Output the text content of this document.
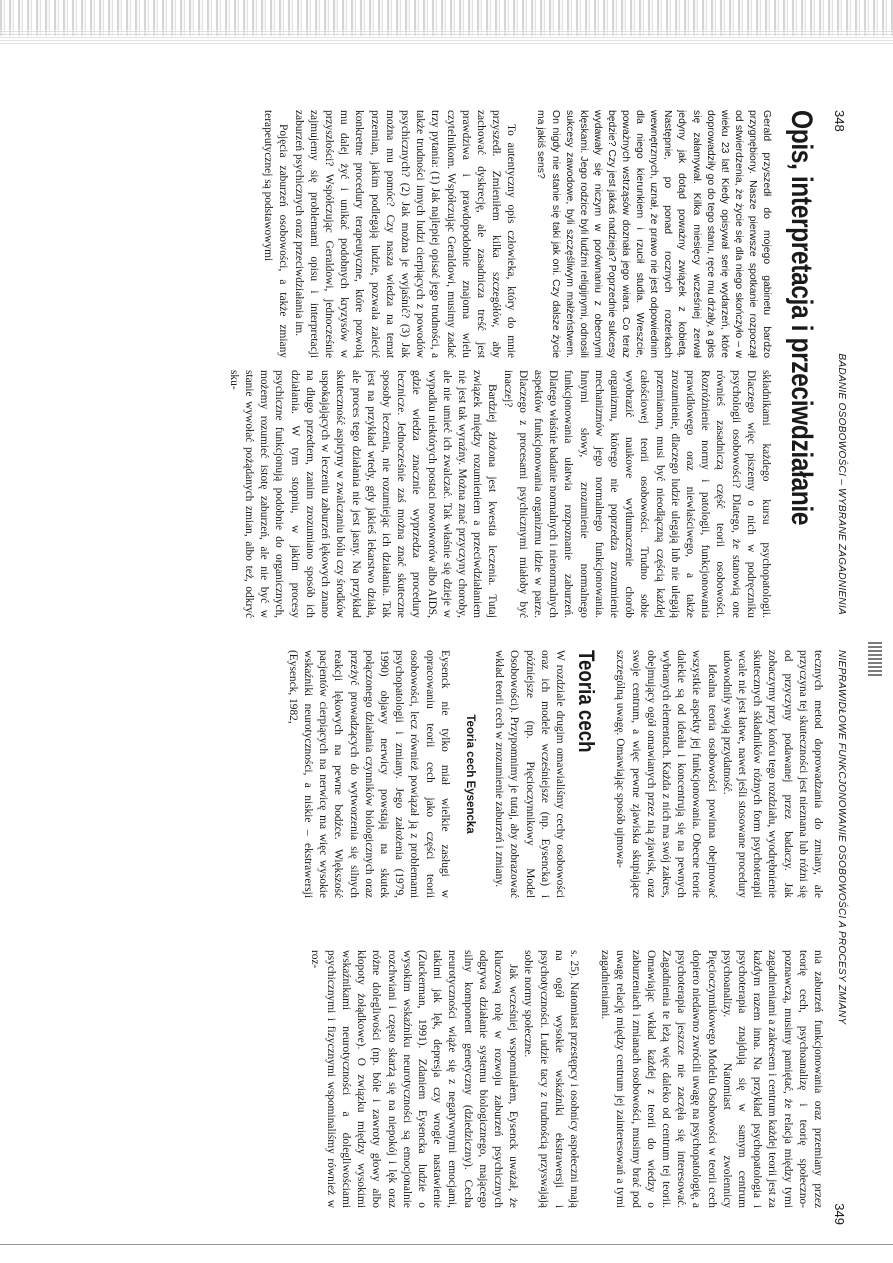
348
BADANIE OSOBOWOŚCI – WYBRANE ZAGADNIENIA
Opis, interpretacja i przeciwdziałanie

Gerald przyszedł do mojego gabinetu bardzo przygnębiony. Nasze pierwsze spotkanie rozpoczął od stwierdzenia, że życie się dla niego skończyło – w wieku 23 lat! Kiedy opisywał serię wydarzeń, które doprowadziły go do tego stanu, ręce mu drżały, a głos się załamywał. Kilka miesięcy wcześniej zerwał jedyny jak dotąd poważny związek z kobietą. Następnie, po ponad rocznych rozterkach wewnętrznych, uznał, że prawo nie jest odpowiednim dla niego kierunkiem i rzucił studia. Wreszcie, poważnych wstrząsów doznała jego wiara. Co teraz będzie? Czy jest jakaś nadzieja? Poprzednie sukcesy wydawały się niczym w porównaniu z obecnymi klęskami. Jego rodzice byli ludźmi religijnymi, odnosili sukcesy zawodowe, byli szczęśliwym małżeństwem. On nigdy nie stanie się taki jak oni. Czy dalsze życie ma jakiś sens?

To autentyczny opis człowieka, który do mnie przyszedł. Zmieniłem kilka szczegółów, aby zachować dyskrecję, ale zasadnicza treść jest prawdziwa i prawdopodobnie znajoma wielu czytelnikom. Współczując Geraldowi, musimy zadać trzy pytania: (1) Jak najlepiej opisać jego trudności, a także trudności innych ludzi cierpiących z powodów psychicznych? (2) Jak można je wyjaśnić? (3) Jak można mu pomóc? Czy nasza wiedza na temat przemian, jakim podlegają ludzie, pozwala zalecić konkretne procedury terapeutyczne, które pozwolą mu dalej żyć i unikać podobnych kryzysów w przyszłości? Współczując Geraldowi, jednocześnie zajmujemy się problemami opisu i interpretacji zaburzeń psychicznych oraz przeciwdziałania im.

Pojęcia zaburzeń osobowości, a także zmiany terapeutycznej są podstawowymi

składnikami każdego kursu psychopatologii. Dlaczego więc piszemy o nich w podręczniku psychologii osobowości? Dlatego, że stanowią one równieś zasadniczą część teorii osobowości. Rozróżnienie normy i patologii, funkcjonowania prawidłowego oraz niewłaściwego, a także zrozumienie, dlaczego ludzie ulegają lub nie ulegają przemianom, musi być nieodłączną częścią każdej całościowej teorii osobowości. Trudno sobie wyobrazić naukowe wytłumaczenie chorób organizmu, którego nie poprzedza zrozumienie mechanizmów jego normalnego funkcjonowania. Innymi słowy, zrozumienie normalnego funkcjonowania ułatwia rozpoznanie zaburzeń. Dlatego właśnie badanie normalnych i nienormalnych aspektów funkcjonowania organizmu idzie w parze. Dlaczego z procesami psychicznymi miałoby być inaczej?

Bardziej złożona jest kwestia leczenia. Tutaj związek między rozumieniem a przeciwdziałaniem nie jest tak wyraźny. Można znać przyczyny choroby, ale nie umieć ich zwalczać. Tak właśnie się dzieje w wypadku niektórych postaci nowotworów albo AIDS, gdzie wiedza znacznie wyprzedza procedury lecznicze. Jednocześnie zaś można znać skuteczne sposoby leczenia, nie rozumiejąc ich działania. Tak jest na przykład wtedy, gdy jakieś lekarstwo działa, ale proces tego działania nie jest jasny. Na przykład skuteczność aspiryny w zwalczaniu bólu czy środków uspokajających w leczeniu zaburzeń lękowych znano na długo przedtem, zanim zrozumiano sposób ich działania. W tym stopniu, w jakim procesy psychiczne funkcjonują podobnie do organicznych, możemy rozumieć istotę zaburzeń, ale nie być w stanie wywołać pożądanych zmian, albo też, odkryć sku-

NIEPRAWIDŁOWE FUNKCJONOWANIE OSOBOWOŚCI A PROCESY ZMIANY
349

tecznych metod doprowadzania do zmiany, ale przyczyna tej skuteczności jest nieznana lub różni się od przyczyny podawanej przez badaczy. Jak zobaczymy przy końcu tego rozdziału, wyodrębnienie skutecznych składników różnych form psychoterapii wcale nie jest łatwe, nawet jeśli stosowane procedury udowodniły swoją przydatność.

Idealna teoria osobowości powinna obejmować wszystkie aspekty jej funkcjonowania. Obecne teorie dalekie są od ideału i koncentrują się na pewnych wybranych elementach. Każda z nich ma swój zakres, obejmujący ogół omawianych przez nią zjawisk, oraz swoje centrum, a więc pewne zjawiska skupiające szczególną uwagę. Omawiając sposób ujmowa-

Teoria cech

W rozdziale drugim omawialiśmy cechy osobowości oraz ich modele wcześniejsze (np. Eysencka) i późniejsze (np. Pięcioczynnikowy Model Osobowości). Przypomnimy je tutaj, aby zobrazować wkład teorii cech w zrozumienie zaburzeń i zmiany.

Teoria cech Eysencka

Eysenck nie tylko miał wielkie zasługi w opracowaniu teorii cech jako części teorii osobowości, lecz również powiązał ją z problemami psychopatologii i zmiany. Jego założenia (1979, 1990) objawy nerwicy powstają na skutek połączonego działania czynników biologicznych oraz przeżyć prowadzących do wytworzenia się silnych reakcji lękowych na pewne bodźce. Większość pacjentów cierpiących na nerwicę ma więc wysokie wskaźniki neurotyczności, a niskie – ekstrawersji (Eysenck, 1982,

nia zaburzeń funkcjonowania oraz przemiany przez teorię cech, psychoanalizę i teorię społeczno-poznawczą, musimy pamiętać, że relacja między tymi zagadnieniami a zakresem i centrum każdej teorii jest za każdym razem inna. Na przykład psychopatologia i psychoterapia znajdują się w samym centrum psychoanalizy. Natomiast zwolennicy Pięcioczynnikowego Modelu Osobowości w teorii cech dopiero niedawno zwrócili uwagę na psychopatologię, a psychoterapia jeszcze nie zaczęła się interesować. Zagadnienia te leżą więc daleko od centrum tej teorii. Omawiając wkład każdej z teorii do wiedzy o zaburzeniach i zmianach osobowości, musimy brać pod uwagę relację między centrum jej zainteresowań a tymi zagadnieniami.

s. 25). Natomiast przestępcy i osobnicy aspołeczni mają na ogół wysokie wskaźniki ekstrawersji i psychotyczności. Ludzie tacy z trudnością przyswajają sobie normy społeczne.

Jak wcześniej wspomniałem, Eysenck uważał, że kluczową rolę w rozwoju zaburzeń psychicznych odgrywa działanie systemu biologicznego, mającego silny komponent genetyczny (dziedziczny). Cecha neurotyczności wiąże się z negatywnymi emocjami, takimi jak lęk, depresja czy wrogie nastawienie (Zuckerman, 1991). Zdaniem Eysencka ludzie o wysokim wskaźniku neurotyczności są emocjonalnie rozchwiani i często skarżą się na niepokój i lęk oraz różne dolegliwości (np. bóle i zawroty głowy albo kłopoty żołądkowe). O związku między wysokimi wskaźnikami neurotyczności a dolegliwościami psychicznymi i fizycznymi wspominaliśmy również w roz-
